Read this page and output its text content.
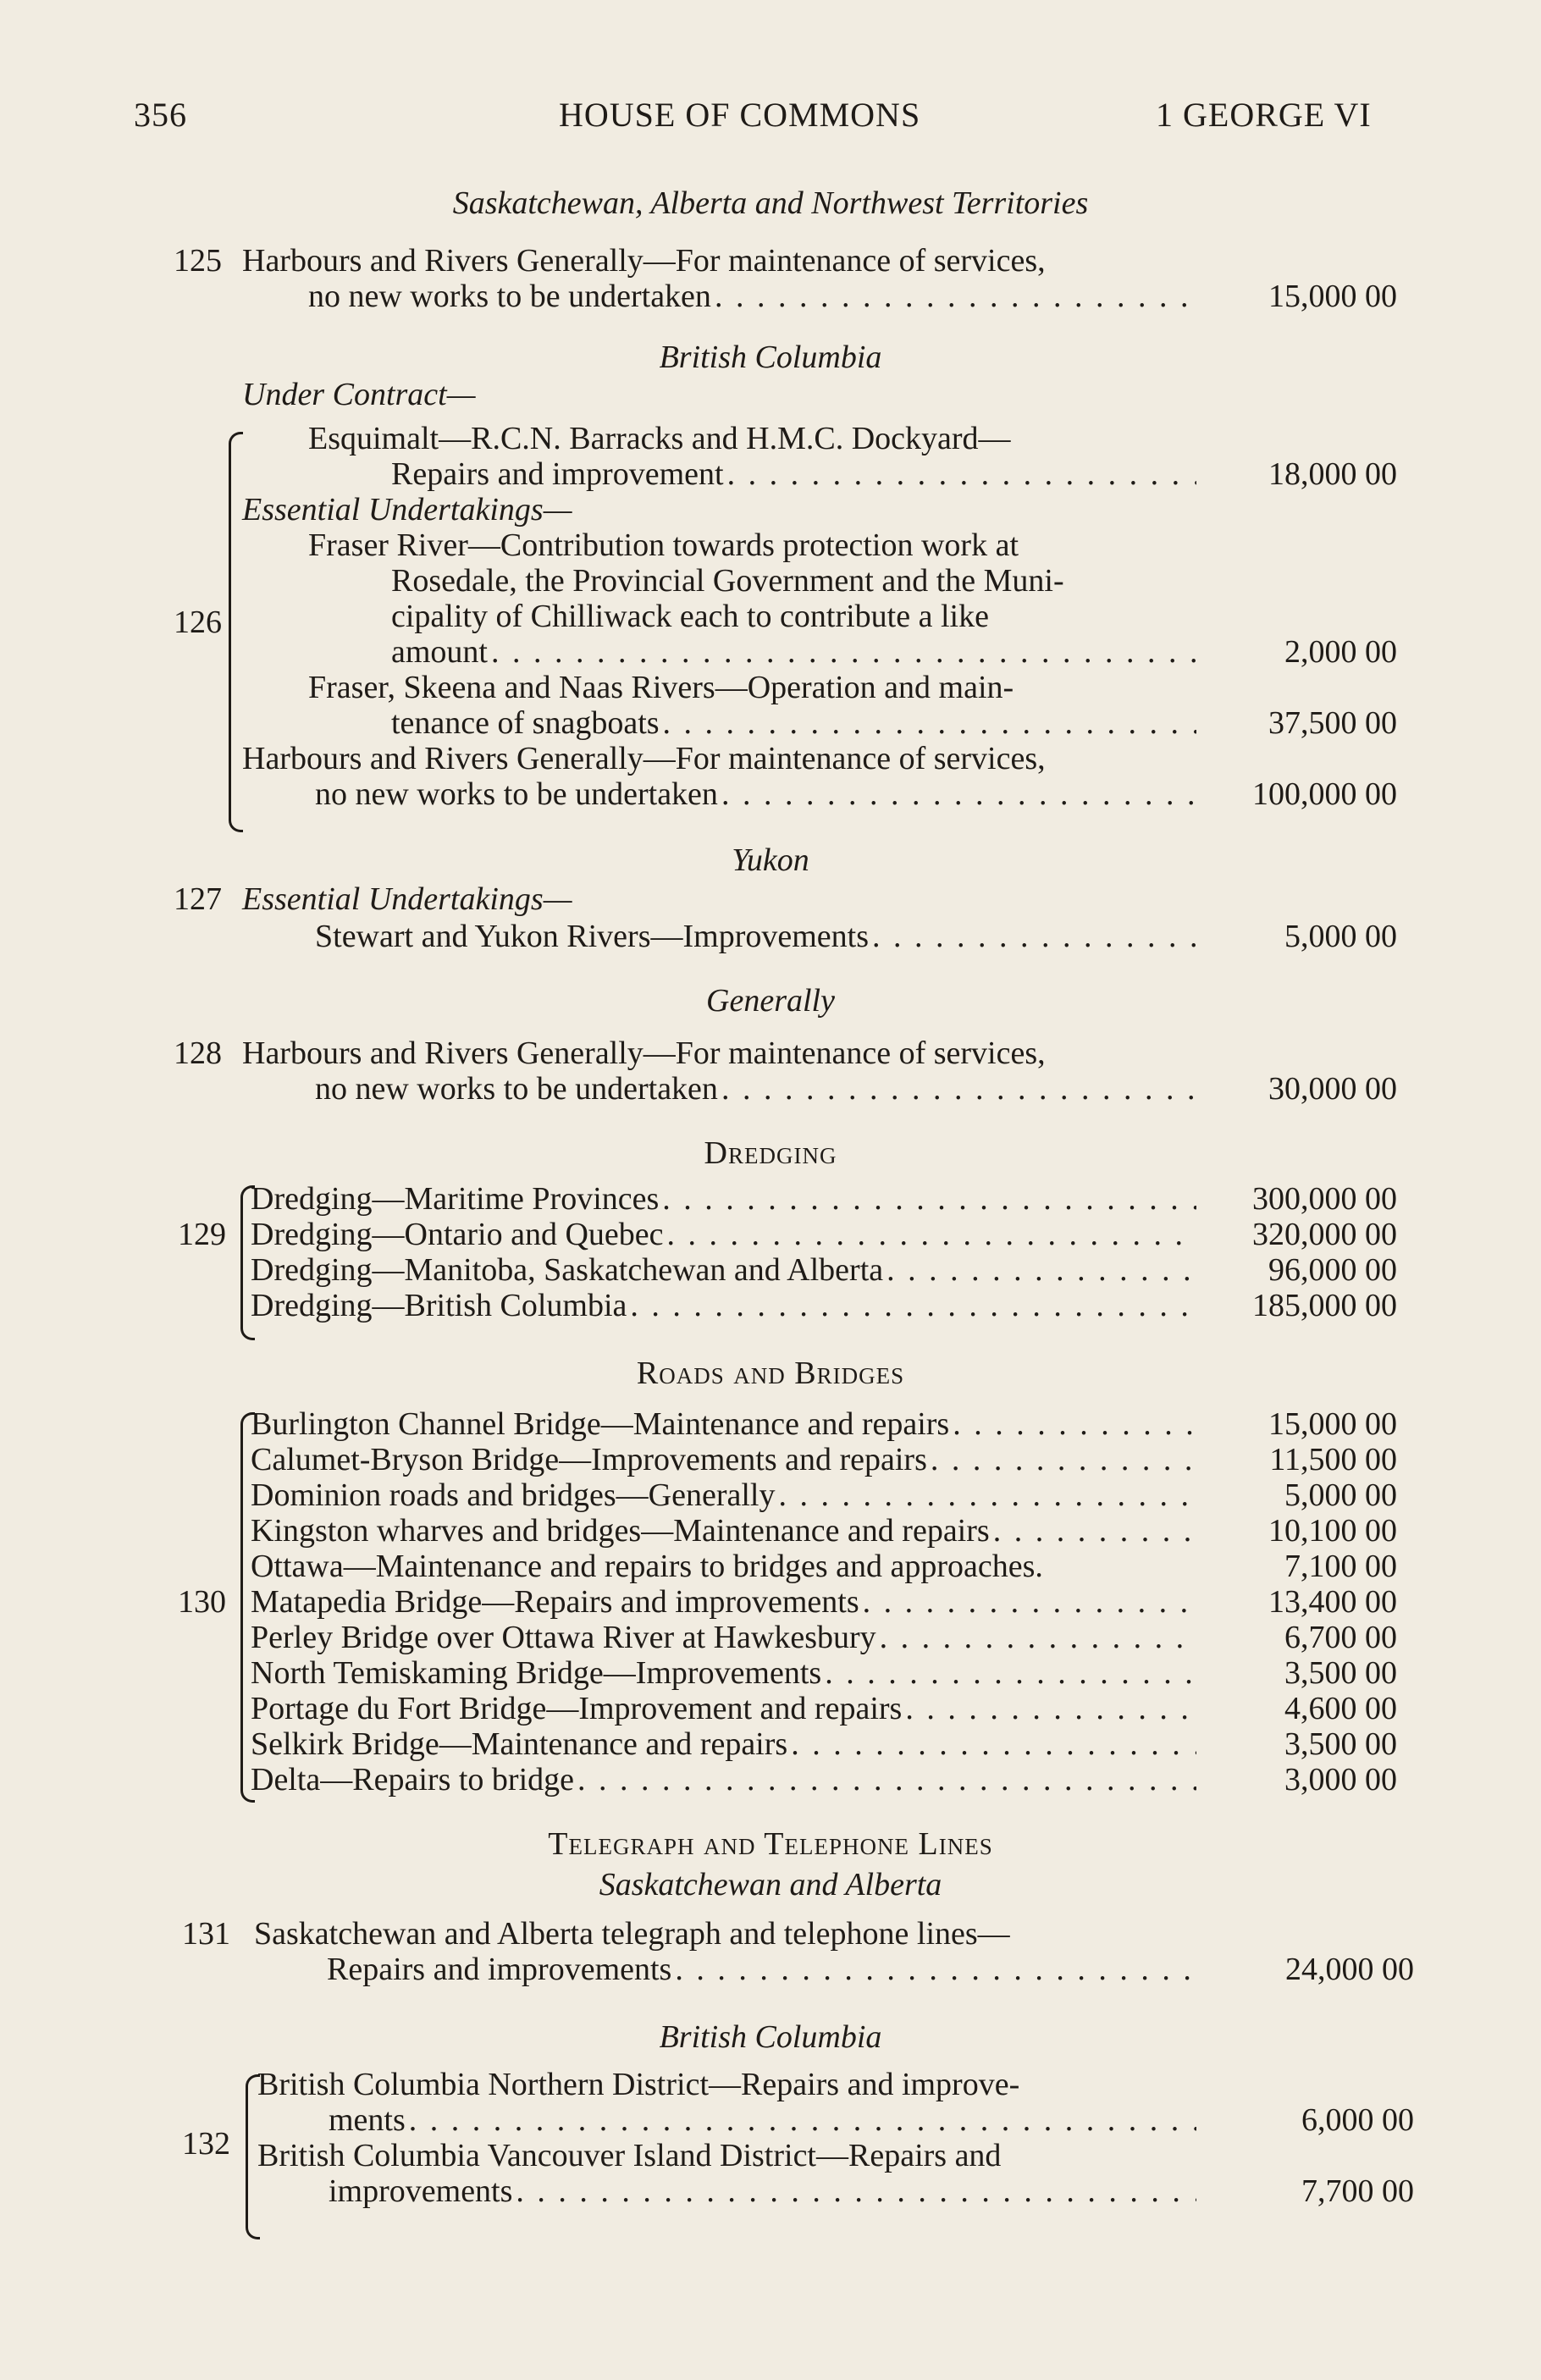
356	HOUSE OF COMMONS	1 GEORGE VI
Saskatchewan, Alberta and Northwest Territories
125 Harbours and Rivers Generally—For maintenance of services,
no new works to be undertaken . . .	15,000 00
British Columbia
Under Contract—
126
Esquimalt—R.C.N. Barracks and H.M.C. Dockyard—
Repairs and improvement . . .	18,000 00
Essential Undertakings—
Fraser River—Contribution towards protection work at
Rosedale, the Provincial Government and the Muni-
cipality of Chilliwack each to contribute a like
amount . . .	2,000 00
Fraser, Skeena and Naas Rivers—Operation and main-
tenance of snagboats . . .	37,500 00
Harbours and Rivers Generally—For maintenance of services,
no new works to be undertaken . . .	100,000 00
Yukon
127 Essential Undertakings—
Stewart and Yukon Rivers—Improvements . . .	5,000 00
Generally
128 Harbours and Rivers Generally—For maintenance of services,
no new works to be undertaken . . .	30,000 00
Dredging
129
Dredging—Maritime Provinces . . .	300,000 00
Dredging—Ontario and Quebec . . .	320,000 00
Dredging—Manitoba, Saskatchewan and Alberta . . .	96,000 00
Dredging—British Columbia . . .	185,000 00
Roads and Bridges
130
Burlington Channel Bridge—Maintenance and repairs . . .	15,000 00
Calumet-Bryson Bridge—Improvements and repairs . . .	11,500 00
Dominion roads and bridges—Generally . . .	5,000 00
Kingston wharves and bridges—Maintenance and repairs . . .	10,100 00
Ottawa—Maintenance and repairs to bridges and approaches.	7,100 00
Matapedia Bridge—Repairs and improvements . . .	13,400 00
Perley Bridge over Ottawa River at Hawkesbury . . .	6,700 00
North Temiskaming Bridge—Improvements . . .	3,500 00
Portage du Fort Bridge—Improvement and repairs . . .	4,600 00
Selkirk Bridge—Maintenance and repairs . . .	3,500 00
Delta—Repairs to bridge . . .	3,000 00
Telegraph and Telephone Lines
Saskatchewan and Alberta
131 Saskatchewan and Alberta telegraph and telephone lines—
Repairs and improvements . . .	24,000 00
British Columbia
132
British Columbia Northern District—Repairs and improve-
ments . . .	6,000 00
British Columbia Vancouver Island District—Repairs and
improvements . . .	7,700 00
